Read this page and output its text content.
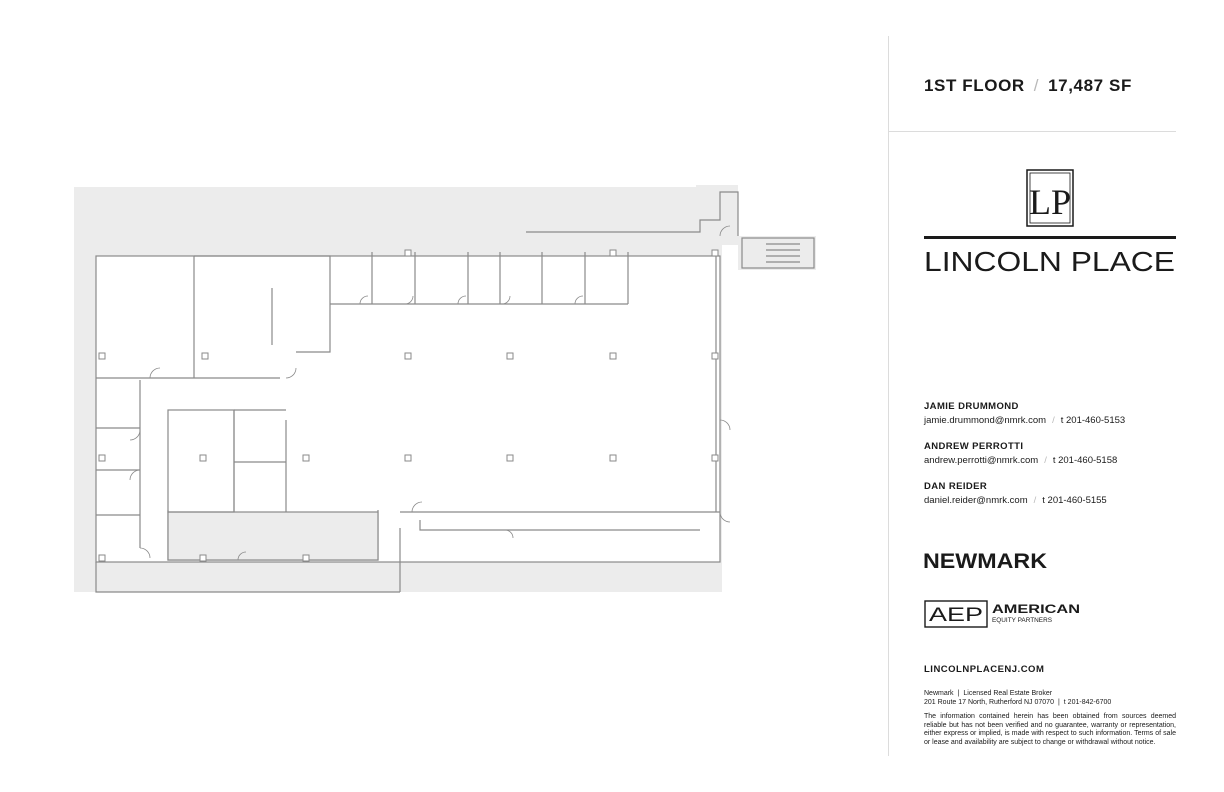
1ST FLOOR / 17,487 SF
LP
LINCOLN PLACE
JAMIE DRUMMOND
jamie.drummond@nmrk.com / t 201-460-5153
ANDREW PERROTTI
andrew.perrotti@nmrk.com / t 201-460-5158
DAN REIDER
daniel.reider@nmrk.com / t 201-460-5155
NEWMARK
AEP AMERICAN
EQUITY PARTNERS
LINCOLNPLACENJ.COM
Newmark | Licensed Real Estate Broker
201 Route 17 North, Rutherford NJ 07070 | t 201-842-6700
The information contained herein has been obtained from sources deemed reliable but has not been verified and no guarantee, warranty or representation, either express or implied, is made with respect to such information. Terms of sale or lease and availability are subject to change or withdrawal without notice.
